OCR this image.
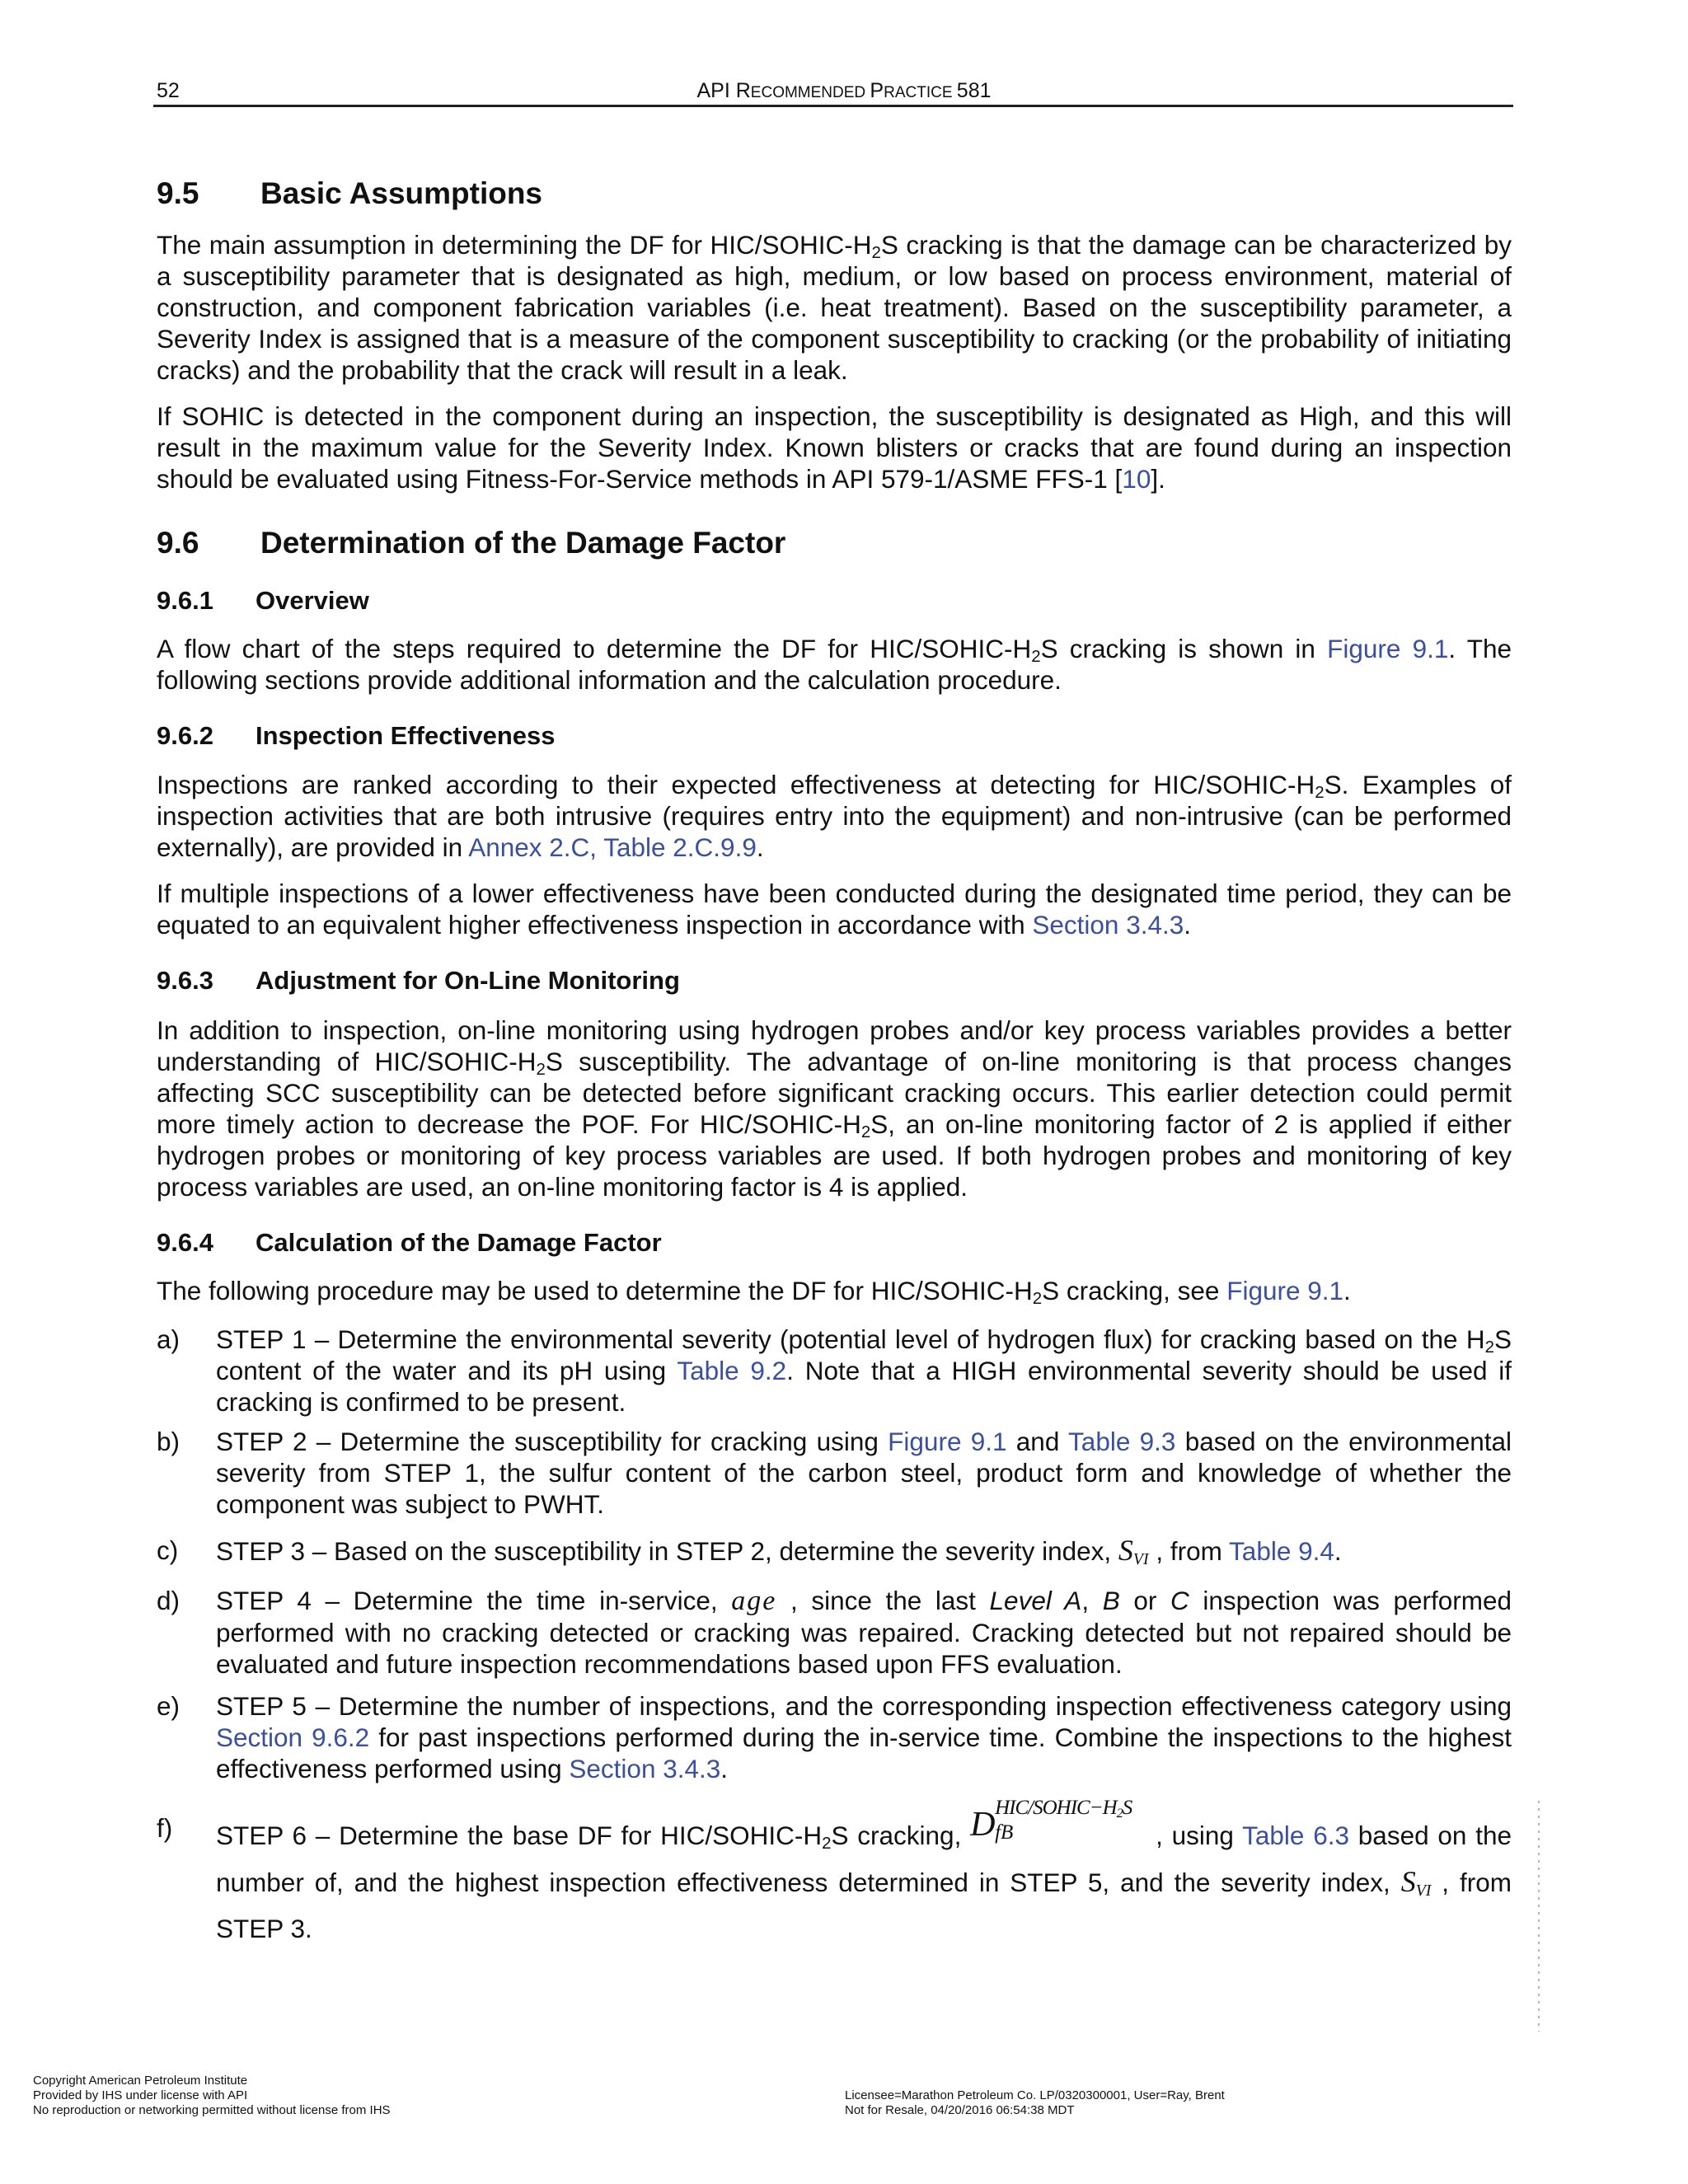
52	API RECOMMENDED PRACTICE 581
9.5 Basic Assumptions
The main assumption in determining the DF for HIC/$SOHIC-H_2S$ cracking is that the damage can be characterized by a susceptibility parameter that is designated as high, medium, or low based on process environment, material of construction, and component fabrication variables (i.e. heat treatment). Based on the susceptibility parameter, a Severity Index is assigned that is a measure of the component susceptibility to cracking (or the probability of initiating cracks) and the probability that the crack will result in a leak.
If SOHIC is detected in the component during an inspection, the susceptibility is designated as High, and this will result in the maximum value for the Severity Index. Known blisters or cracks that are found during an inspection should be evaluated using Fitness-For-Service methods in API 579-1/ASME FFS-1 [10].
9.6 Determination of the Damage Factor
9.6.1 Overview
A flow chart of the steps required to determine the DF for HIC/$SOHIC-H_2S$ cracking is shown in Figure 9.1. The following sections provide additional information and the calculation procedure.
9.6.2 Inspection Effectiveness
Inspections are ranked according to their expected effectiveness at detecting for HIC/$SOHIC-H_2S$. Examples of inspection activities that are both intrusive (requires entry into the equipment) and non-intrusive (can be performed externally), are provided in Annex 2.C, Table 2.C.9.9.
If multiple inspections of a lower effectiveness have been conducted during the designated time period, they can be equated to an equivalent higher effectiveness inspection in accordance with Section 3.4.3.
9.6.3 Adjustment for On-Line Monitoring
In addition to inspection, on-line monitoring using hydrogen probes and/or key process variables provides a better understanding of HIC/$SOHIC-H_2S$ susceptibility. The advantage of on-line monitoring is that process changes affecting SCC susceptibility can be detected before significant cracking occurs. This earlier detection could permit more timely action to decrease the POF. For HIC/$SOHIC-H_2S$, an on-line monitoring factor of 2 is applied if either hydrogen probes or monitoring of key process variables are used. If both hydrogen probes and monitoring of key process variables are used, an on-line monitoring factor is 4 is applied.
9.6.4 Calculation of the Damage Factor
The following procedure may be used to determine the DF for HIC/$SOHIC-H_2S$ cracking, see Figure 9.1.
a)	STEP 1 – Determine the environmental severity (potential level of hydrogen flux) for cracking based on the $H_2S$ content of the water and its pH using Table 9.2. Note that a HIGH environmental severity should be used if cracking is confirmed to be present.
b)	STEP 2 – Determine the susceptibility for cracking using Figure 9.1 and Table 9.3 based on the environmental severity from STEP 1, the sulfur content of the carbon steel, product form and knowledge of whether the component was subject to PWHT.
c)	STEP 3 – Based on the susceptibility in STEP 2, determine the severity index, $S_{VI}$ , from Table 9.4.
d)	STEP 4 – Determine the time in-service, age , since the last Level A, B or C inspection was performed performed with no cracking detected or cracking was repaired. Cracking detected but not repaired should be evaluated and future inspection recommendations based upon FFS evaluation.
e)	STEP 5 – Determine the number of inspections, and the corresponding inspection effectiveness category using Section 9.6.2 for past inspections performed during the in-service time. Combine the inspections to the highest effectiveness performed using Section 3.4.3.
f)	STEP 6 – Determine the base DF for HIC/$SOHIC-H_2S$ cracking, D HIC/$SOHIC-H_2S$
fB	, using Table 6.3 based on the number of, and the highest inspection effectiveness determined in STEP 5, and the severity index, $S_{VI}$ , from STEP 3.
Copyright American Petroleum Institute
Provided by IHS under license with API
No reproduction or networking permitted without license from IHS
Licensee=Marathon Petroleum Co. LP/0320300001, User=Ray, Brent
Not for Resale, 04/20/2016 06:54:38 MDT
